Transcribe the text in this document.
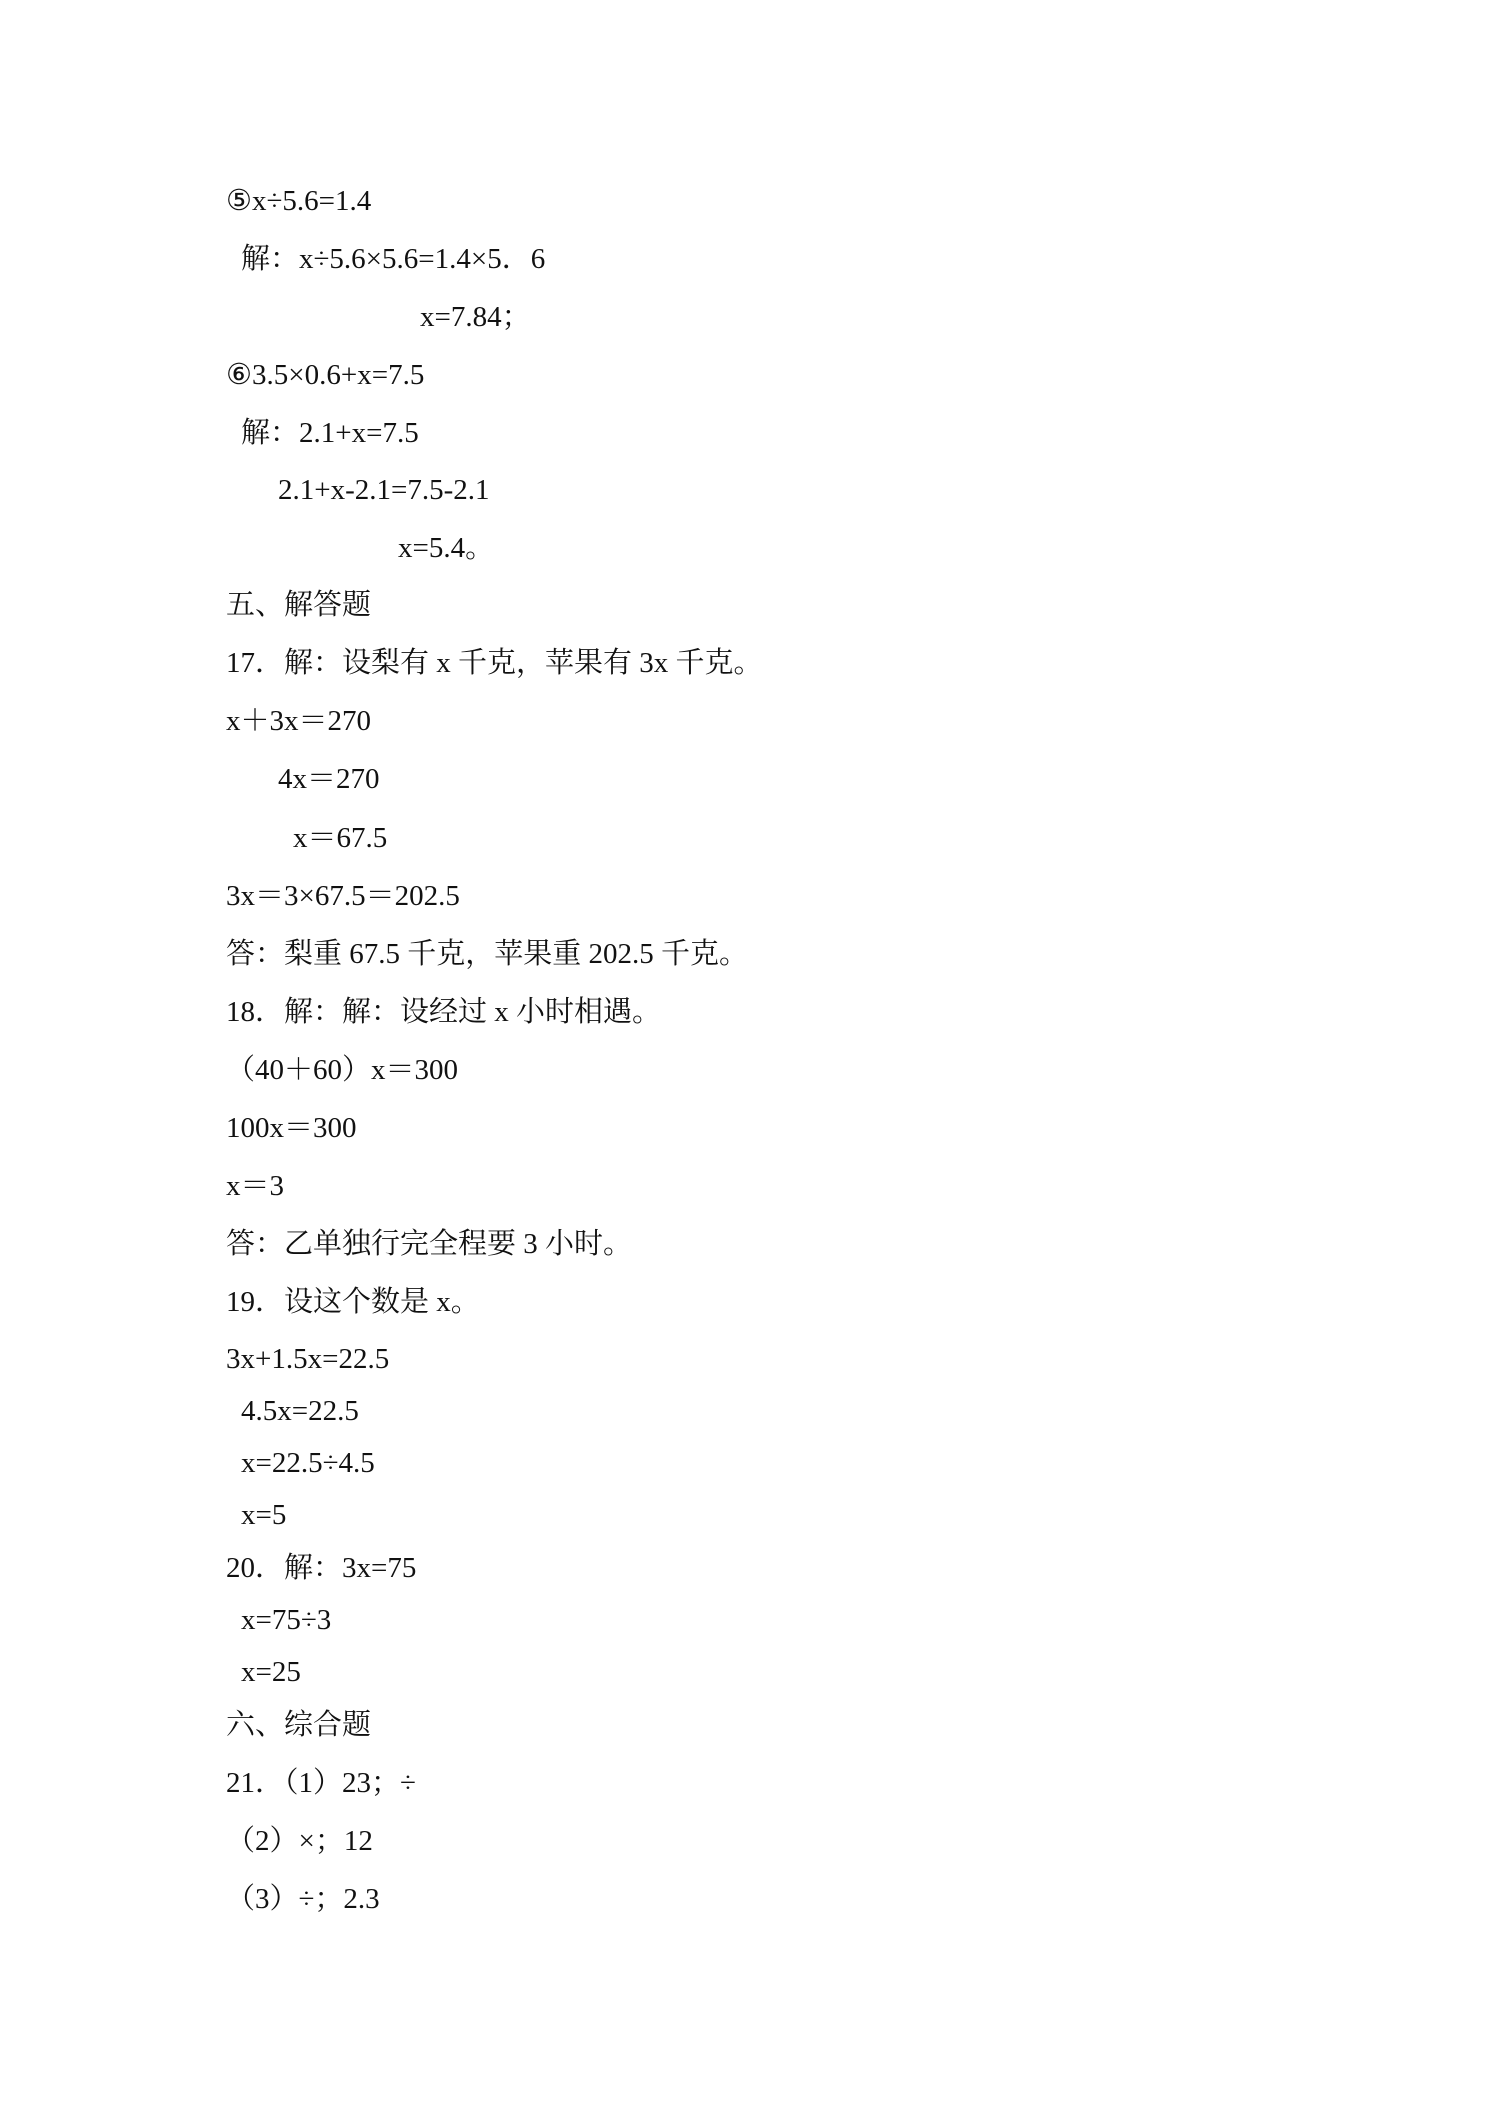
⑤x÷5.6=1.4
解：x÷5.6×5.6=1.4×5．6
x=7.84；
⑥3.5×0.6+x=7.5
解：2.1+x=7.5
2.1+x-2.1=7.5-2.1
x=5.4。
五、解答题
17．解：设梨有 x 千克，苹果有 3x 千克。
x＋3x＝270
4x＝270
x＝67.5
3x＝3×67.5＝202.5
答：梨重 67.5 千克，苹果重 202.5 千克。
18．解：解：设经过 x 小时相遇。
（40＋60）x＝300
100x＝300
x＝3
答：乙单独行完全程要 3 小时。
19．设这个数是 x。
3x+1.5x=22.5
4.5x=22.5
x=22.5÷4.5
x=5
20．解：3x=75
x=75÷3
x=25
六、综合题
21．（1）23；÷
（2）×；12
（3）÷；2.3
